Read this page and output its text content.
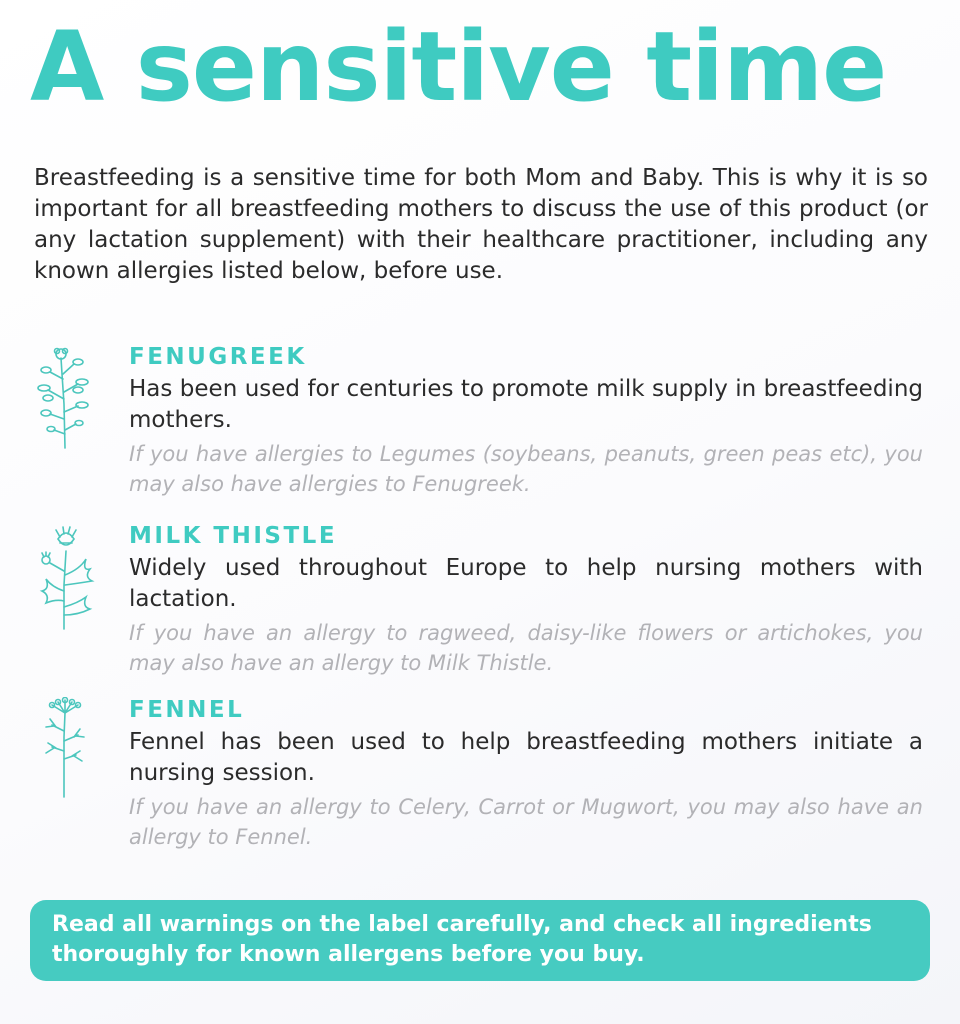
A sensitive time

Breastfeeding is a sensitive time for both Mom and Baby. This is why it is so important for all breastfeeding mothers to discuss the use of this product (or any lactation supplement) with their healthcare practitioner, including any known allergies listed below, before use.

FENUGREEK
Has been used for centuries to promote milk supply in breastfeeding mothers.
If you have allergies to Legumes (soybeans, peanuts, green peas etc), you may also have allergies to Fenugreek.
MILK THISTLE
Widely used throughout Europe to help nursing mothers with lactation.
If you have an allergy to ragweed, daisy-like flowers or artichokes, you may also have an allergy to Milk Thistle.
FENNEL
Fennel has been used to help breastfeeding mothers initiate a nursing session.
If you have an allergy to Celery, Carrot or Mugwort, you may also have an allergy to Fennel.
Read all warnings on the label carefully, and check all ingredients thoroughly for known allergens before you buy.
